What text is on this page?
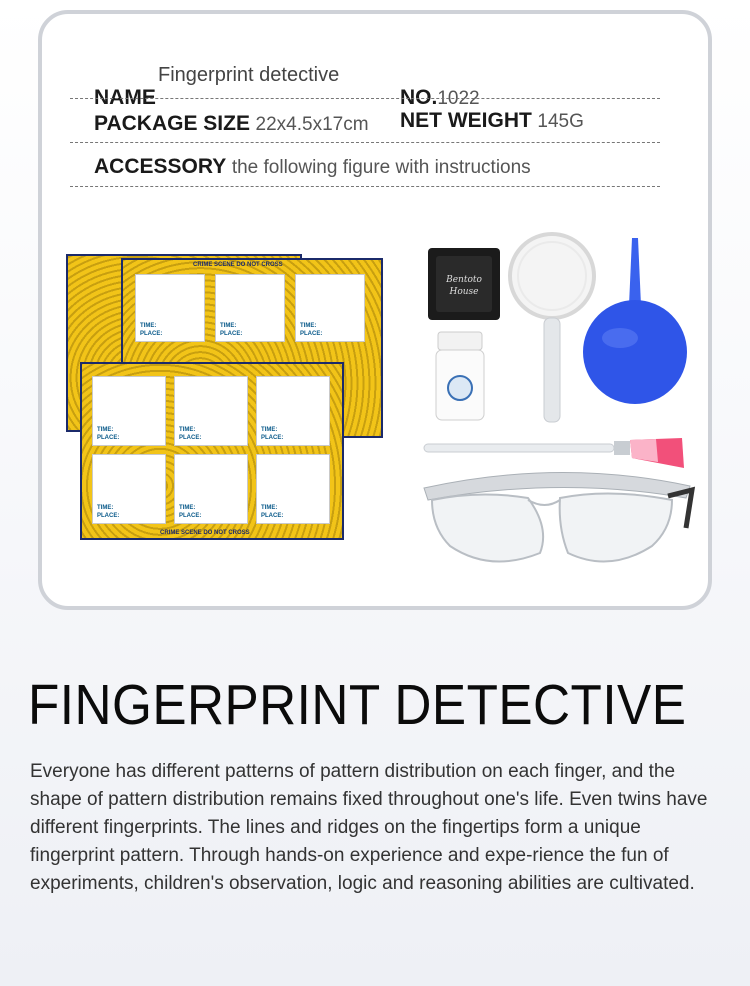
Fingerprint detective
NAME	NO.1022
PACKAGE SIZE 22x4.5x17cm NET WEIGHT 145G
ACCESSORY the following figure with instructions
CRIME SCENE DO NOT CROSS
TIME:
PLACE:
TIME:
PLACE:
TIME:
PLACE:
CRIME SCENE DO NOT CROSS
TIME:
PLACE:
TIME:
PLACE:
TIME:
PLACE:
TIME:
PLACE:
TIME:
PLACE:
TIME:
PLACE:
Bentoto
House
FINGERPRINT DETECTIVE

Everyone has different patterns of pattern distribution on each finger, and the shape of pattern distribution remains fixed throughout one's life. Even twins have different fingerprints. The lines and ridges on the fingertips form a unique fingerprint pattern. Through hands-on experience and expe-rience the fun of experiments, children's observation, logic and reasoning abilities are cultivated.
